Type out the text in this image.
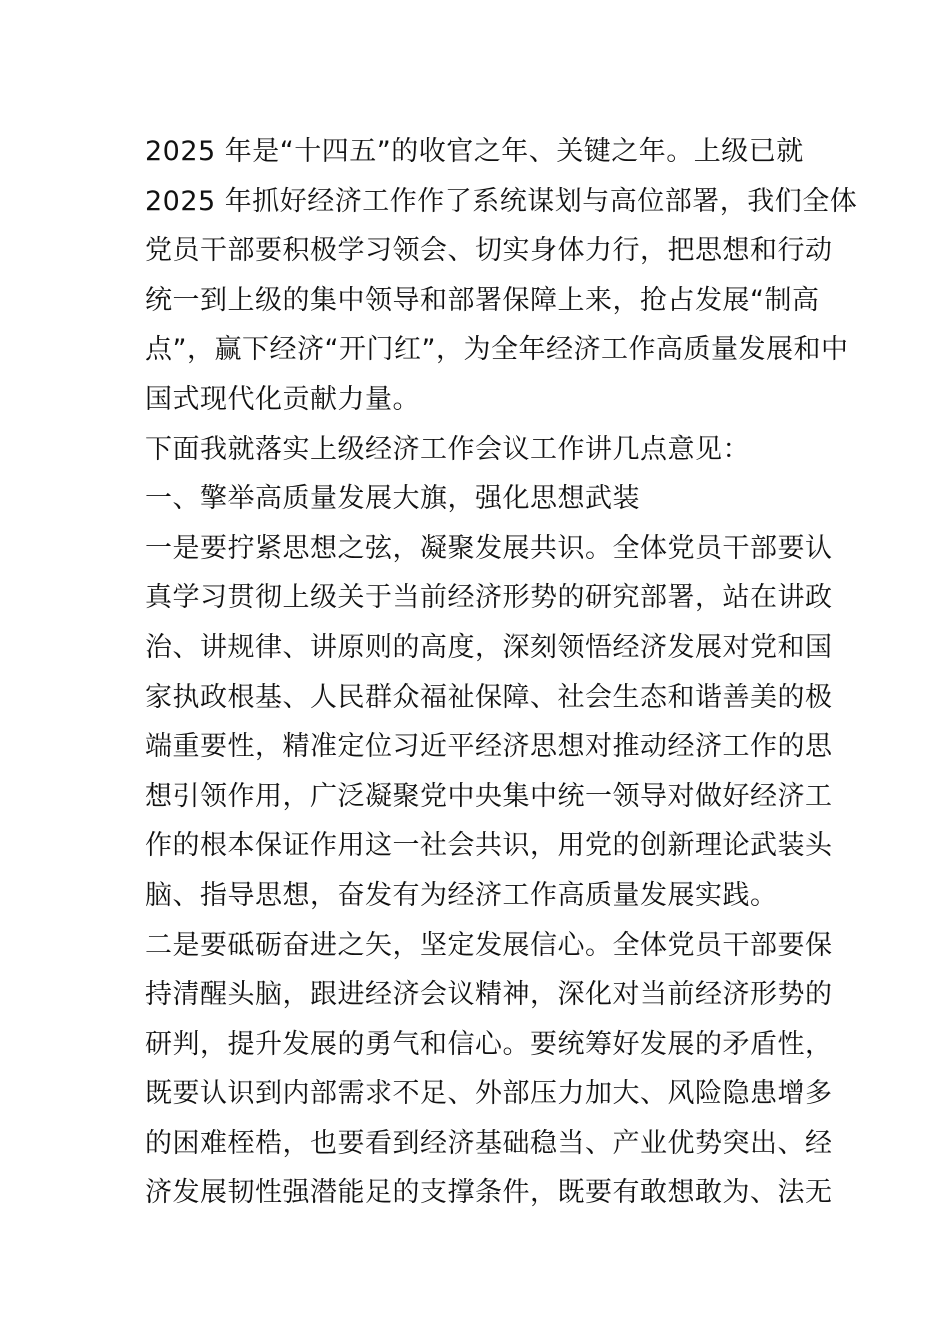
2025 年是“十四五”的收官之年、关键之年。上级已就
2025 年抓好经济工作作了系统谋划与高位部署，我们全体
党员干部要积极学习领会、切实身体力行，把思想和行动
统一到上级的集中领导和部署保障上来，抢占发展“制高
点”，赢下经济“开门红”，为全年经济工作高质量发展和中
国式现代化贡献力量。
下面我就落实上级经济工作会议工作讲几点意见：
一、擎举高质量发展大旗，强化思想武装
一是要拧紧思想之弦，凝聚发展共识。全体党员干部要认
真学习贯彻上级关于当前经济形势的研究部署，站在讲政
治、讲规律、讲原则的高度，深刻领悟经济发展对党和国
家执政根基、人民群众福祉保障、社会生态和谐善美的极
端重要性，精准定位习近平经济思想对推动经济工作的思
想引领作用，广泛凝聚党中央集中统一领导对做好经济工
作的根本保证作用这一社会共识，用党的创新理论武装头
脑、指导思想，奋发有为经济工作高质量发展实践。
二是要砥砺奋进之矢，坚定发展信心。全体党员干部要保
持清醒头脑，跟进经济会议精神，深化对当前经济形势的
研判，提升发展的勇气和信心。要统筹好发展的矛盾性，
既要认识到内部需求不足、外部压力加大、风险隐患增多
的困难桎梏，也要看到经济基础稳当、产业优势突出、经
济发展韧性强潜能足的支撑条件，既要有敢想敢为、法无
